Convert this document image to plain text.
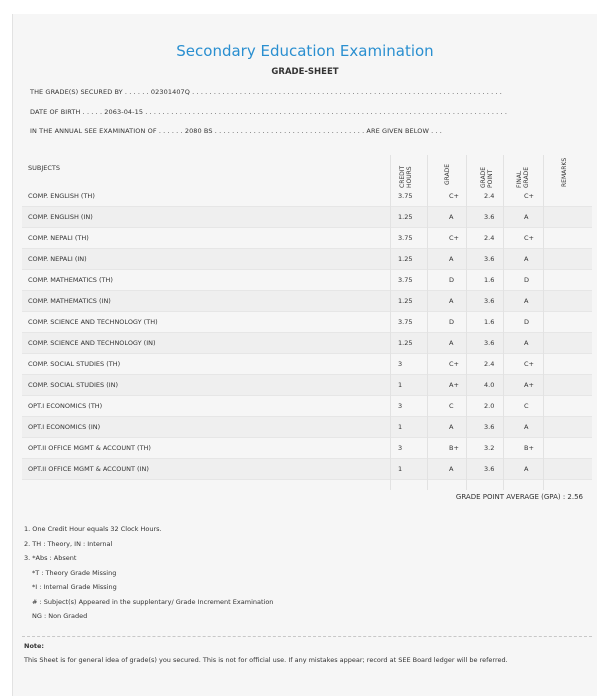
Secondary Education Examination
GRADE-SHEET
THE GRADE(S) SECURED BY . . . . . . 02301407Q . . . . . . . . . . . . . . . . . . . . . . . . . . . . . . . . . . . . . . . . . . . . . . . . . . . . . . . . . . . . . . . . . . . . . . . .
DATE OF BIRTH . . . . . 2063-04-15 . . . . . . . . . . . . . . . . . . . . . . . . . . . . . . . . . . . . . . . . . . . . . . . . . . . . . . . . . . . . . . . . . . . . . . . . . . . . . . . . . . . .
IN THE ANNUAL SEE EXAMINATION OF . . . . . . 2080 BS . . . . . . . . . . . . . . . . . . . . . . . . . . . . . . . . . . . ARE GIVEN BELOW . . .
SUBJECTS	CREDIT HOURS	GRADE	GRADE POINT	FINAL GRADE	REMARKS
COMP. ENGLISH (TH)	3.75	C+	2.4	C+
COMP. ENGLISH (IN)	1.25	A	3.6	A
COMP. NEPALI (TH)	3.75	C+	2.4	C+
COMP. NEPALI (IN)	1.25	A	3.6	A
COMP. MATHEMATICS (TH)	3.75	D	1.6	D
COMP. MATHEMATICS (IN)	1.25	A	3.6	A
COMP. SCIENCE AND TECHNOLOGY (TH)	3.75	D	1.6	D
COMP. SCIENCE AND TECHNOLOGY (IN)	1.25	A	3.6	A
COMP. SOCIAL STUDIES (TH)	3	C+	2.4	C+
COMP. SOCIAL STUDIES (IN)	1	A+	4.0	A+
OPT.I ECONOMICS (TH)	3	C	2.0	C
OPT.I ECONOMICS (IN)	1	A	3.6	A
OPT.II OFFICE MGMT & ACCOUNT (TH)	3	B+	3.2	B+
OPT.II OFFICE MGMT & ACCOUNT (IN)	1	A	3.6	A
GRADE POINT AVERAGE (GPA) : 2.56
1. One Credit Hour equals 32 Clock Hours.
2. TH : Theory, IN : Internal
3. *Abs : Absent
*T : Theory Grade Missing
*I : Internal Grade Missing
# : Subject(s) Appeared in the supplentary/ Grade Increment Examination
NG : Non Graded
Note:
This Sheet is for general idea of grade(s) you secured. This is not for official use. If any mistakes appear; record at SEE Board ledger will be referred.
